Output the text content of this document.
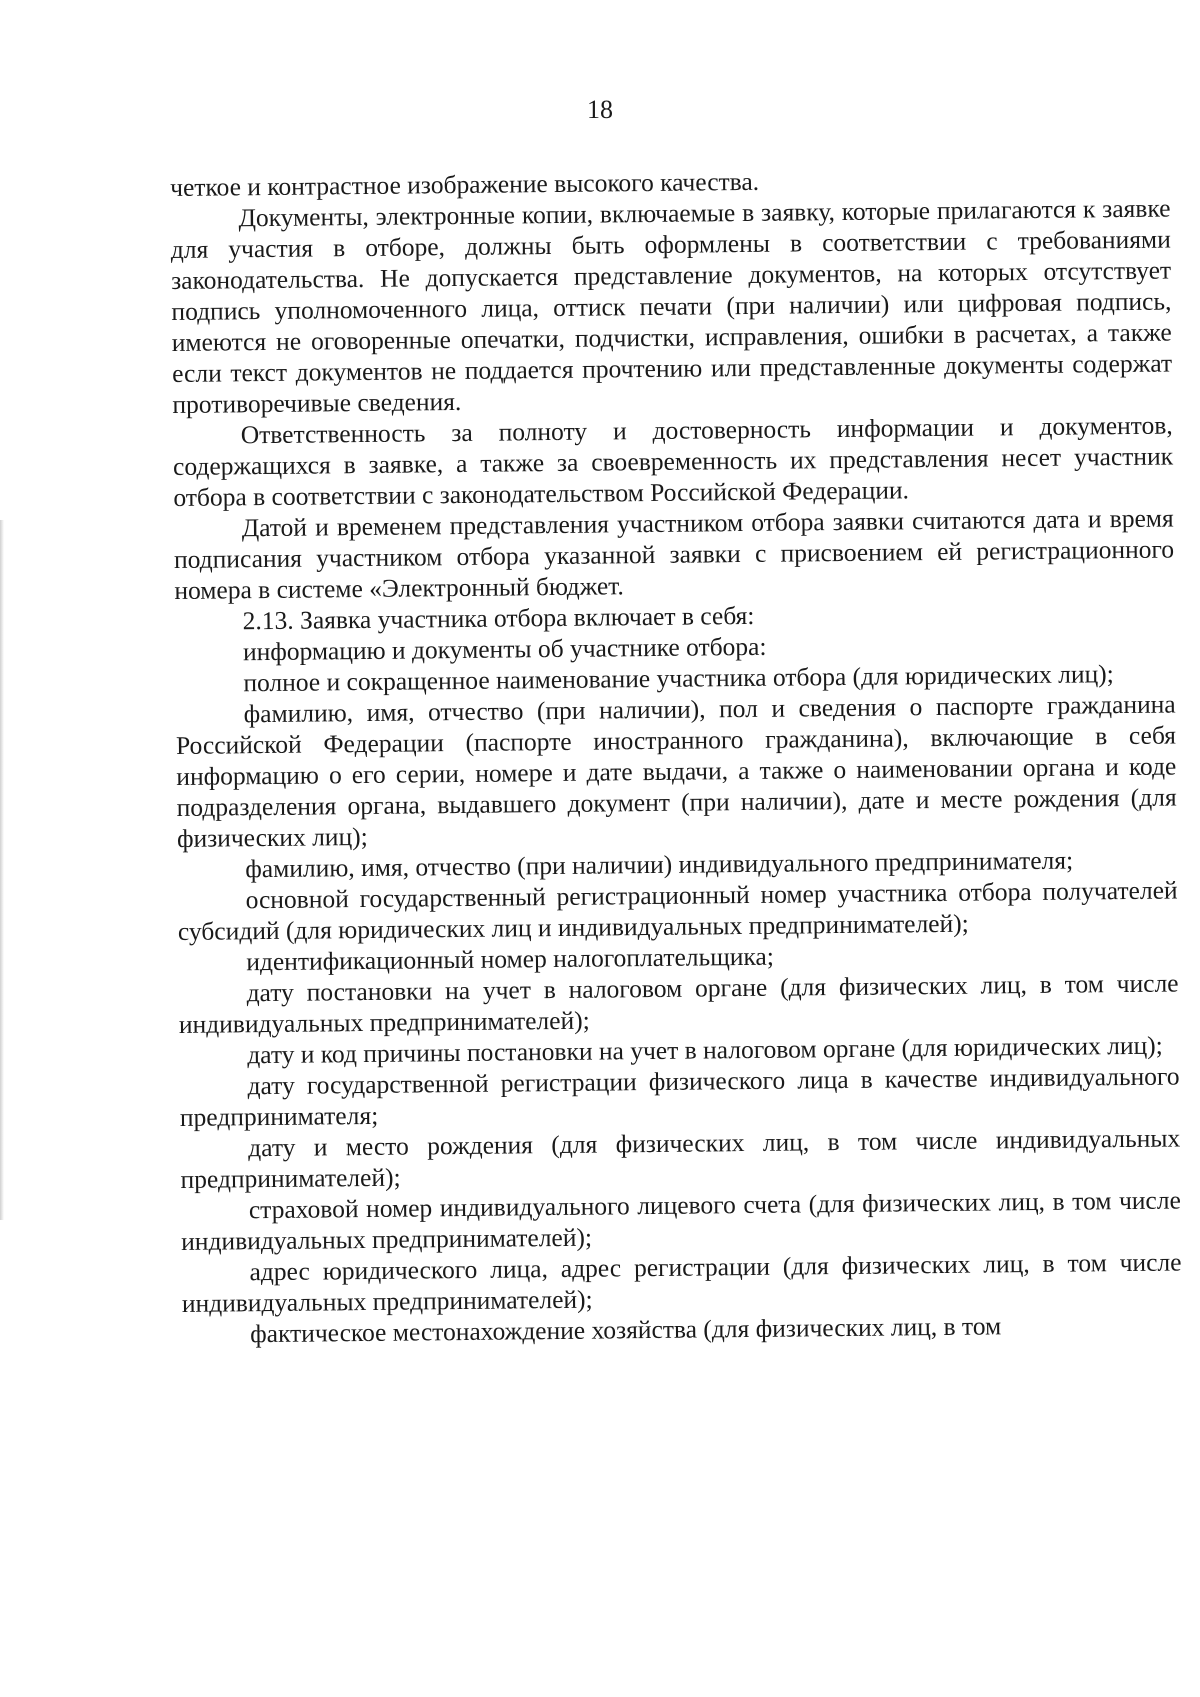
18

четкое и контрастное изображение высокого качества.

Документы, электронные копии, включаемые в заявку, которые прилагаются к заявке для участия в отборе, должны быть оформлены в соответствии с требованиями законодательства. Не допускается представление документов, на которых отсутствует подпись уполномоченного лица, оттиск печати (при наличии) или цифровая подпись, имеются не оговоренные опечатки, подчистки, исправления, ошибки в расчетах, а также если текст документов не поддается прочтению или представленные документы содержат противоречивые сведения.

Ответственность за полноту и достоверность информации и документов, содержащихся в заявке, а также за своевременность их представления несет участник отбора в соответствии с законодательством Российской Федерации.

Датой и временем представления участником отбора заявки считаются дата и время подписания участником отбора указанной заявки с присвоением ей регистрационного номера в системе «Электронный бюджет.

2.13. Заявка участника отбора включает в себя:

информацию и документы об участнике отбора:

полное и сокращенное наименование участника отбора (для юридических лиц);

фамилию, имя, отчество (при наличии), пол и сведения о паспорте гражданина Российской Федерации (паспорте иностранного гражданина), включающие в себя информацию о его серии, номере и дате выдачи, а также о наименовании органа и коде подразделения органа, выдавшего документ (при наличии), дате и месте рождения (для физических лиц);

фамилию, имя, отчество (при наличии) индивидуального предпринимателя;

основной государственный регистрационный номер участника отбора получателей субсидий (для юридических лиц и индивидуальных предпринимателей);

идентификационный номер налогоплательщика;

дату постановки на учет в налоговом органе (для физических лиц, в том числе индивидуальных предпринимателей);

дату и код причины постановки на учет в налоговом органе (для юридических лиц);

дату государственной регистрации физического лица в качестве индивидуального предпринимателя;

дату и место рождения (для физических лиц, в том числе индивидуальных предпринимателей);

страховой номер индивидуального лицевого счета (для физических лиц, в том числе индивидуальных предпринимателей);

адрес юридического лица, адрес регистрации (для физических лиц, в том числе индивидуальных предпринимателей);

фактическое местонахождение хозяйства (для физических лиц, в том
